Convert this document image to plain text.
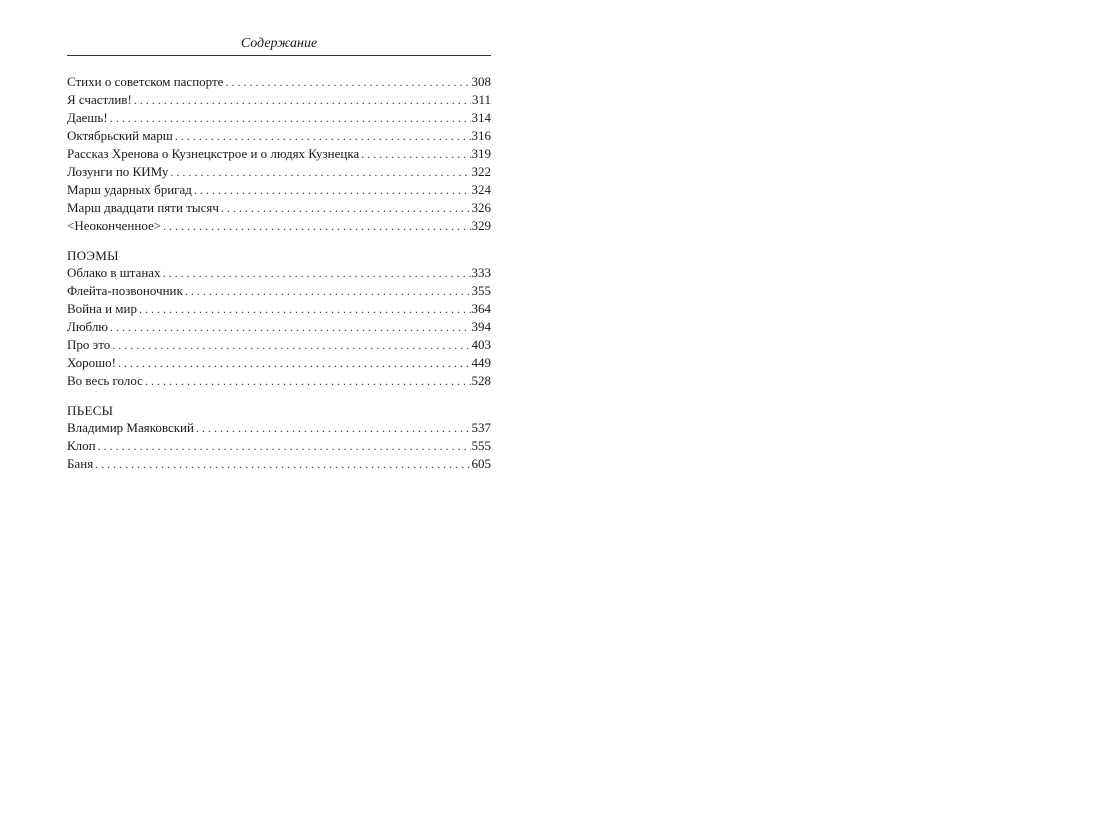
Содержание
Стихи о советском паспорте . . .	308
Я счастлив! . . .	311
Даешь! . . .	314
Октябрьский марш . . .	316
Рассказ Хренова о Кузнецкстрое и о людях Кузнецка . . .	319
Лозунги по КИМу . . .	322
Марш ударных бригад . . .	324
Марш двадцати пяти тысяч . . .	326
<Неоконченное> . . .	329
ПОЭМЫ
Облако в штанах . . .	333
Флейта-позвоночник . . .	355
Война и мир . . .	364
Люблю . . .	394
Про это . . .	403
Хорошо! . . .	449
Во весь голос . . .	528
ПЬЕСЫ
Владимир Маяковский . . .	537
Клоп . . .	555
Баня . . .	605
